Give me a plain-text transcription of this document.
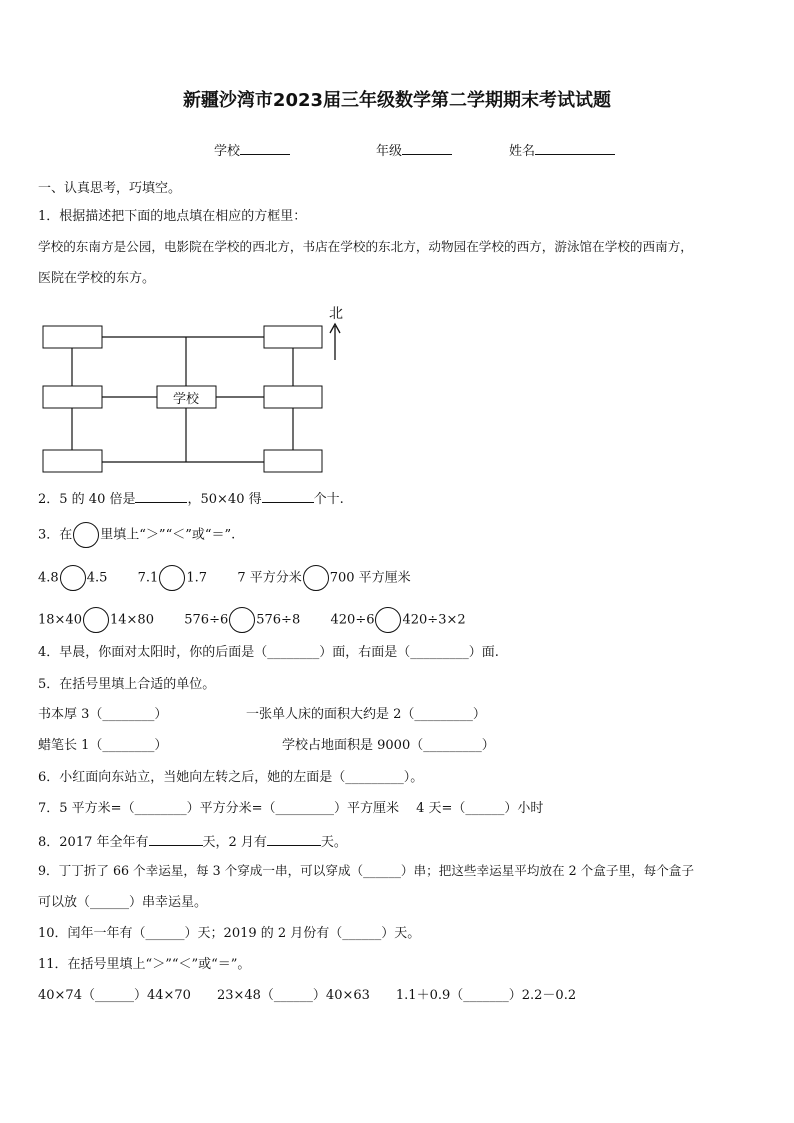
新疆沙湾市2023届三年级数学第二学期期末考试试题
学校	年级	姓名
一、认真思考，巧填空。
1．根据描述把下面的地点填在相应的方框里：
学校的东南方是公园，电影院在学校的西北方，书店在学校的东北方，动物园在学校的西方，游泳馆在学校的西南方，
医院在学校的东方。
学校
北
2．5 的 40 倍是	，50×40 得	个十.
3．在 里填上“＞”“＜”或“＝”.
4.8 4.5 7.1 1.7 7 平方分米 700 平方厘米
18×40 14×80 576÷6 576÷8 420÷6 420÷3×2
4．早晨，你面对太阳时，你的后面是（________）面，右面是（_________）面.
5．在括号里填上合适的单位。
书本厚 3（________）	一张单人床的面积大约是 2（_________）
蜡笔长 1（________）	学校占地面积是 9000（_________）
6．小红面向东站立，当她向左转之后，她的左面是（_________）。
7．5 平方米=（________）平方分米=（_________）平方厘米　 4 天=（______）小时
8．2017 年全年有	天，2 月有	天。
9．丁丁折了 66 个幸运星，每 3 个穿成一串，可以穿成（______）串；把这些幸运星平均放在 2 个盒子里，每个盒子
可以放（______）串幸运星。
10．闰年一年有（______）天；2019 的 2 月份有（______）天。
11．在括号里填上“＞”“＜”或“＝”。
40×74（______）44×70　　23×48（______）40×63　　1.1＋0.9（_______）2.2－0.2
